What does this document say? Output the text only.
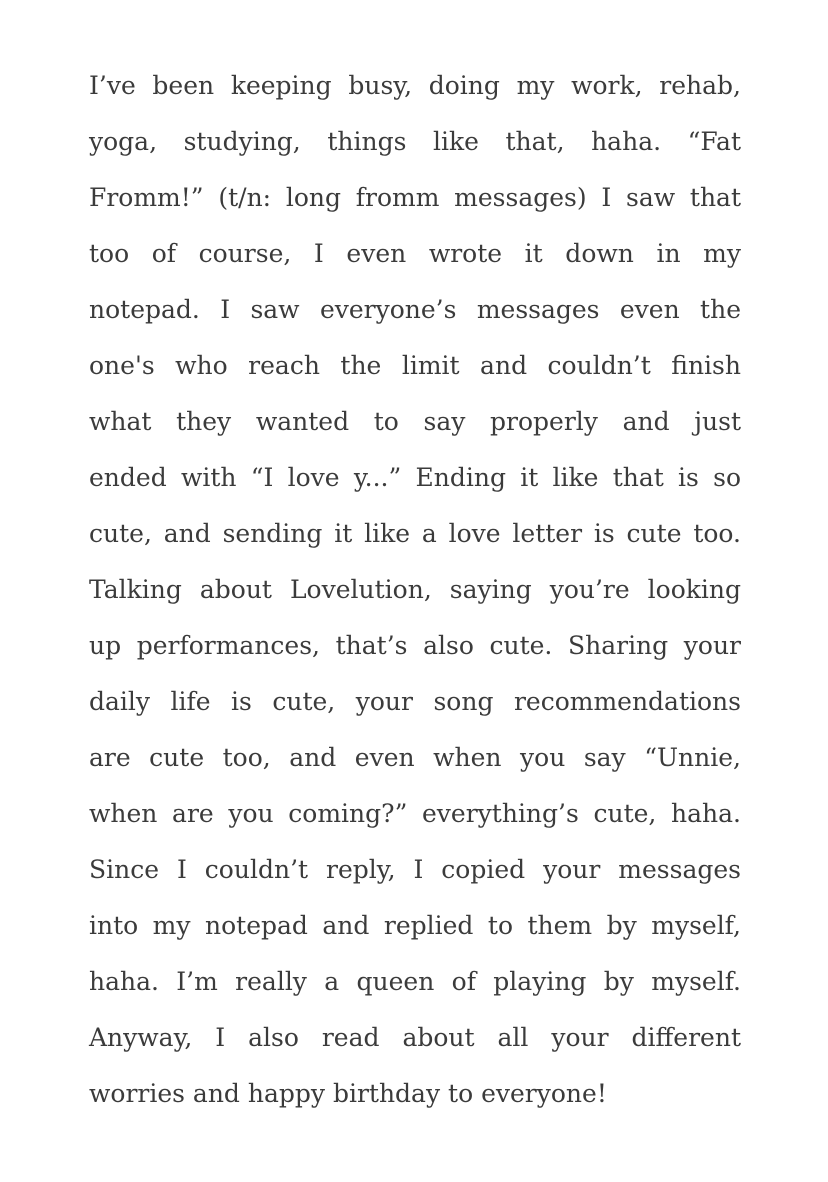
I’ve been keeping busy, doing my work, rehab,
yoga, studying, things like that, haha. “Fat
Fromm!” (t/n: long fromm messages) I saw that
too of course, I even wrote it down in my
notepad. I saw everyone’s messages even the
one's who reach the limit and couldn’t finish
what they wanted to say properly and just
ended with “I love y...” Ending it like that is so
cute, and sending it like a love letter is cute too.
Talking about Lovelution, saying you’re looking
up performances, that’s also cute. Sharing your
daily life is cute, your song recommendations
are cute too, and even when you say “Unnie,
when are you coming?” everything’s cute, haha.
Since I couldn’t reply, I copied your messages
into my notepad and replied to them by myself,
haha. I’m really a queen of playing by myself.
Anyway, I also read about all your different
worries and happy birthday to everyone!
